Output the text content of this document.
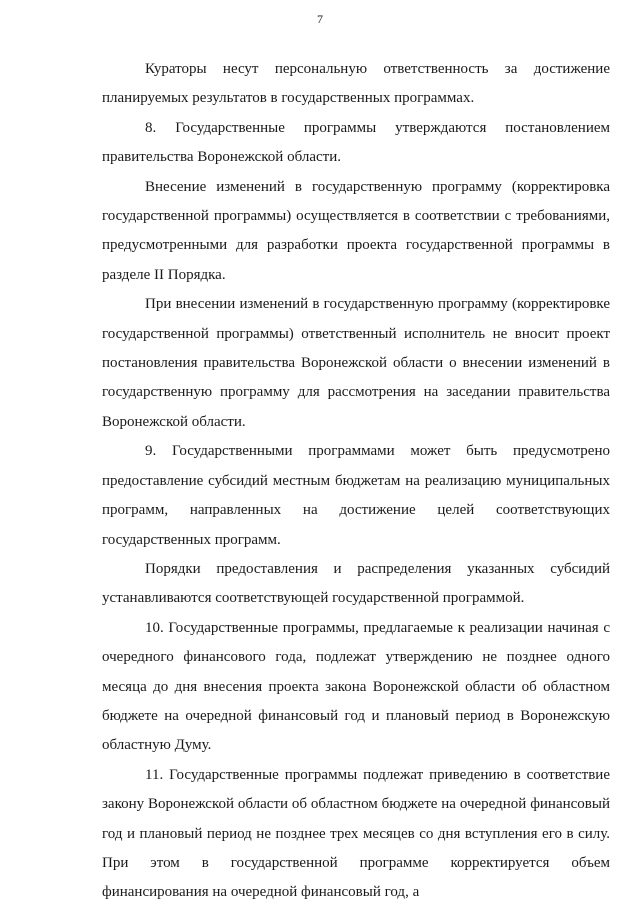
7

Кураторы несут персональную ответственность за достижение планируемых результатов в государственных программах.

8. Государственные программы утверждаются постановлением правительства Воронежской области.

Внесение изменений в государственную программу (корректировка государственной программы) осуществляется в соответствии с требованиями, предусмотренными для разработки проекта государственной программы в разделе II Порядка.

При внесении изменений в государственную программу (корректировке государственной программы) ответственный исполнитель не вносит проект постановления правительства Воронежской области о внесении изменений в государственную программу для рассмотрения на заседании правительства Воронежской области.

9. Государственными программами может быть предусмотрено предоставление субсидий местным бюджетам на реализацию муниципальных программ, направленных на достижение целей соответствующих государственных программ.

Порядки предоставления и распределения указанных субсидий устанавливаются соответствующей государственной программой.

10. Государственные программы, предлагаемые к реализации начиная с очередного финансового года, подлежат утверждению не позднее одного месяца до дня внесения проекта закона Воронежской области об областном бюджете на очередной финансовый год и плановый период в Воронежскую областную Думу.

11. Государственные программы подлежат приведению в соответствие закону Воронежской области об областном бюджете на очередной финансовый год и плановый период не позднее трех месяцев со дня вступления его в силу. При этом в государственной программе корректируется объем финансирования на очередной финансовый год, а
